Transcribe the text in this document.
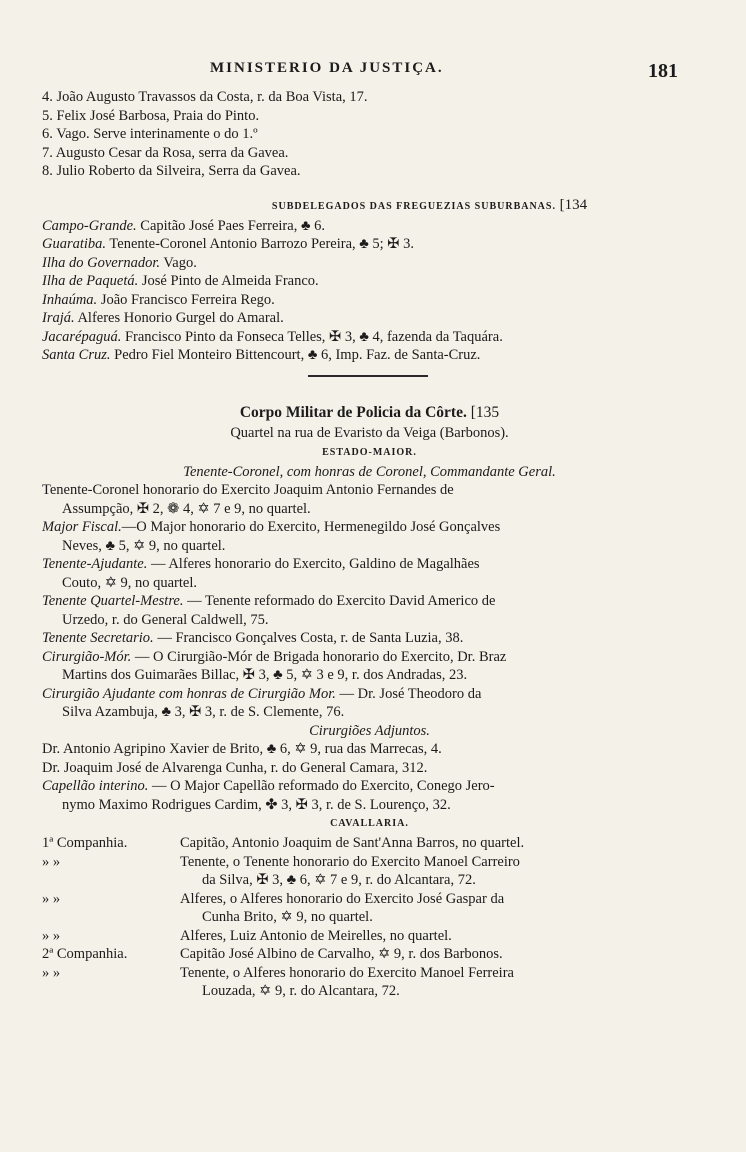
MINISTERIO DA JUSTIÇA.	181
4. João Augusto Travassos da Costa, r. da Boa Vista, 17.
5. Felix José Barbosa, Praia do Pinto.
6. Vago. Serve interinamente o do 1.º
7. Augusto Cesar da Rosa, serra da Gavea.
8. Julio Roberto da Silveira, Serra da Gavea.
SUBDELEGADOS DAS FREGUEZIAS SUBURBANAS. [134
Campo-Grande. Capitão José Paes Ferreira, ♣ 6.
Guaratiba. Tenente-Coronel Antonio Barrozo Pereira, ♣ 5; ✠ 3.
Ilha do Governador. Vago.
Ilha de Paquetá. José Pinto de Almeida Franco.
Inhaúma. João Francisco Ferreira Rego.
Irajá. Alferes Honorio Gurgel do Amaral.
Jacarépaguá. Francisco Pinto da Fonseca Telles, ✠ 3, ♣ 4, fazenda da Taquára.
Santa Cruz. Pedro Fiel Monteiro Bittencourt, ♣ 6, Imp. Faz. de Santa-Cruz.
Corpo Militar de Policia da Côrte. [135
Quartel na rua de Evaristo da Veiga (Barbonos).
ESTADO-MAIOR.
Tenente-Coronel, com honras de Coronel, Commandante Geral.
Tenente-Coronel honorario do Exercito Joaquim Antonio Fernandes de
Assumpção, ✠ 2, ❁ 4, ✡ 7 e 9, no quartel.
Major Fiscal.—O Major honorario do Exercito, Hermenegildo José Gonçalves
Neves, ♣ 5, ✡ 9, no quartel.
Tenente-Ajudante. — Alferes honorario do Exercito, Galdino de Magalhães
Couto, ✡ 9, no quartel.
Tenente Quartel-Mestre. — Tenente reformado do Exercito David Americo de
Urzedo, r. do General Caldwell, 75.
Tenente Secretario. — Francisco Gonçalves Costa, r. de Santa Luzia, 38.
Cirurgião-Mór. — O Cirurgião-Mór de Brigada honorario do Exercito, Dr. Braz
Martins dos Guimarães Billac, ✠ 3, ♣ 5, ✡ 3 e 9, r. dos Andradas, 23.
Cirurgião Ajudante com honras de Cirurgião Mor. — Dr. José Theodoro da
Silva Azambuja, ♣ 3, ✠ 3, r. de S. Clemente, 76.
Cirurgiões Adjuntos.
Dr. Antonio Agripino Xavier de Brito, ♣ 6, ✡ 9, rua das Marrecas, 4.
Dr. Joaquim José de Alvarenga Cunha, r. do General Camara, 312.
Capellão interino. — O Major Capellão reformado do Exercito, Conego Jero-
nymo Maximo Rodrigues Cardim, ✤ 3, ✠ 3, r. de S. Lourenço, 32.
CAVALLARIA.
1ª Companhia.	Capitão, Antonio Joaquim de Sant'Anna Barros, no quartel.
» »	Tenente, o Tenente honorario do Exercito Manoel Carreiro
da Silva, ✠ 3, ♣ 6, ✡ 7 e 9, r. do Alcantara, 72.
» »	Alferes, o Alferes honorario do Exercito José Gaspar da
Cunha Brito, ✡ 9, no quartel.
» »	Alferes, Luiz Antonio de Meirelles, no quartel.
2ª Companhia.	Capitão José Albino de Carvalho, ✡ 9, r. dos Barbonos.
» »	Tenente, o Alferes honorario do Exercito Manoel Ferreira
Louzada, ✡ 9, r. do Alcantara, 72.
